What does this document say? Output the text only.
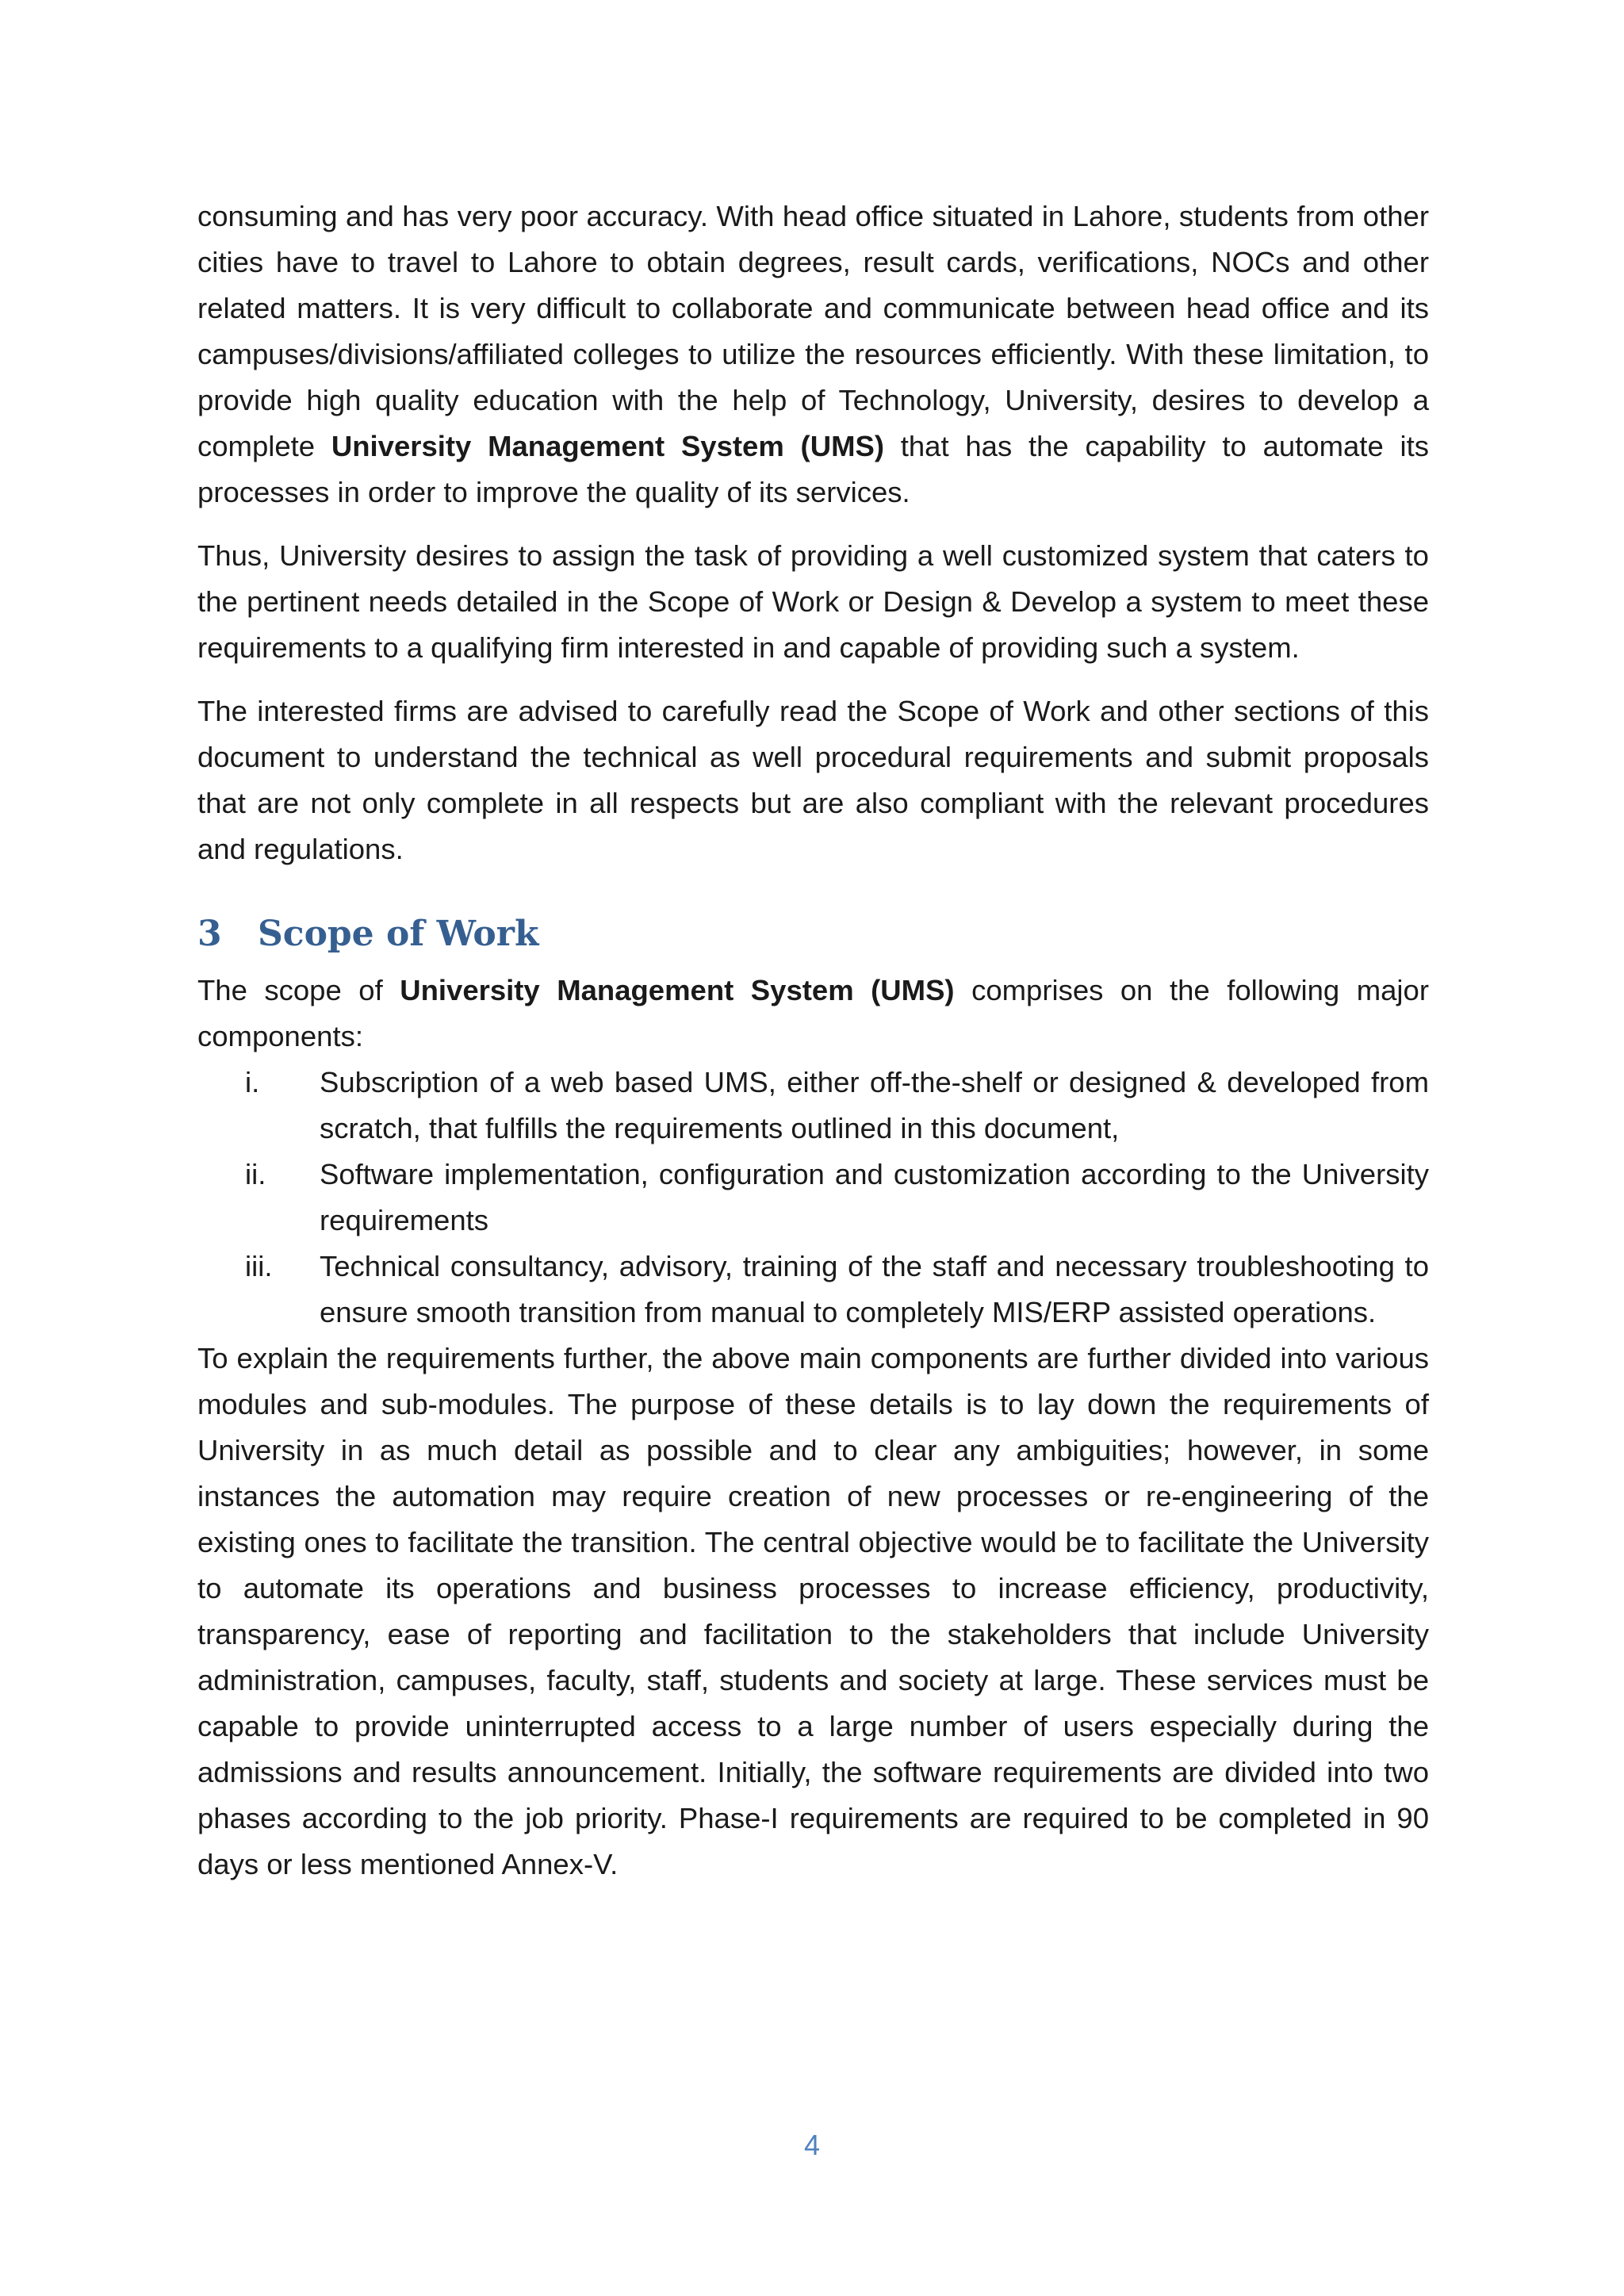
consuming and has very poor accuracy. With head office situated in Lahore, students from other cities have to travel to Lahore to obtain degrees, result cards, verifications, NOCs and other related matters. It is very difficult to collaborate and communicate between head office and its campuses/divisions/affiliated colleges to utilize the resources efficiently. With these limitation, to provide high quality education with the help of Technology, University, desires to develop a complete University Management System (UMS) that has the capability to automate its processes in order to improve the quality of its services.

Thus, University desires to assign the task of providing a well customized system that caters to the pertinent needs detailed in the Scope of Work or Design & Develop a system to meet these requirements to a qualifying firm interested in and capable of providing such a system.

The interested firms are advised to carefully read the Scope of Work and other sections of this document to understand the technical as well procedural requirements and submit proposals that are not only complete in all respects but are also compliant with the relevant procedures and regulations.

3 Scope of Work

The scope of University Management System (UMS) comprises on the following major components:

i.	Subscription of a web based UMS, either off-the-shelf or designed & developed from scratch, that fulfills the requirements outlined in this document,
ii.	Software implementation, configuration and customization according to the University requirements
iii.	Technical consultancy, advisory, training of the staff and necessary troubleshooting to ensure smooth transition from manual to completely MIS/ERP assisted operations.

To explain the requirements further, the above main components are further divided into various modules and sub-modules. The purpose of these details is to lay down the requirements of University in as much detail as possible and to clear any ambiguities; however, in some instances the automation may require creation of new processes or re-engineering of the existing ones to facilitate the transition. The central objective would be to facilitate the University to automate its operations and business processes to increase efficiency, productivity, transparency, ease of reporting and facilitation to the stakeholders that include University administration, campuses, faculty, staff, students and society at large. These services must be capable to provide uninterrupted access to a large number of users especially during the admissions and results announcement. Initially, the software requirements are divided into two phases according to the job priority. Phase-I requirements are required to be completed in 90 days or less mentioned Annex-V.

4
